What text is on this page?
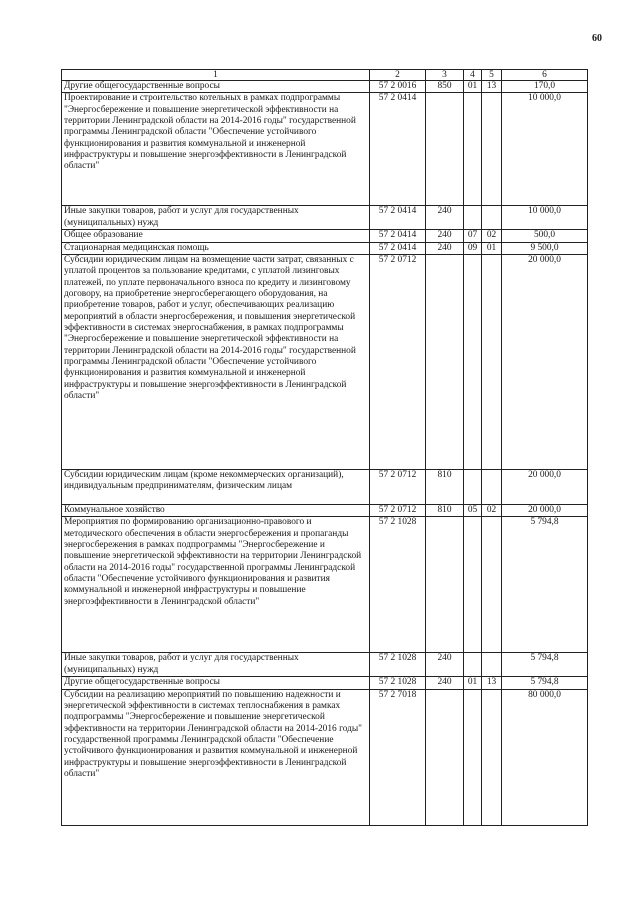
60
1	2	3	4	5	6
Другие общегосударственные вопросы	57 2 0016	850	01	13	170,0
Проектирование и строительство котельных в рамках подпрограммы "Энергосбережение и повышение энергетической эффективности на территории Ленинградской области на 2014-2016 годы" государственной программы Ленинградской области "Обеспечение устойчивого функционирования и развития коммунальной и инженерной инфраструктуры и повышение энергоэффективности в Ленинградской области"	57 2 0414				10 000,0
Иные закупки товаров, работ и услуг для государственных (муниципальных) нужд	57 2 0414	240			10 000,0
Общее образование	57 2 0414	240	07	02	500,0
Стационарная медицинская помощь	57 2 0414	240	09	01	9 500,0
Субсидии юридическим лицам на возмещение части затрат, связанных с уплатой процентов за пользование кредитами, с уплатой лизинговых платежей, по уплате первоначального взноса по кредиту и лизинговому договору, на приобретение энергосберегающего оборудования, на приобретение товаров, работ и услуг, обеспечивающих реализацию мероприятий в области энергосбережения, и повышения энергетической эффективности в системах энергоснабжения, в рамках подпрограммы "Энергосбережение и повышение энергетической эффективности на территории Ленинградской области на 2014-2016 годы" государственной программы Ленинградской области "Обеспечение устойчивого функционирования и развития коммунальной и инженерной инфраструктуры и повышение энергоэффективности в Ленинградской области"	57 2 0712				20 000,0
Субсидии юридическим лицам (кроме некоммерческих организаций), индивидуальным предпринимателям, физическим лицам	57 2 0712	810			20 000,0
Коммунальное хозяйство	57 2 0712	810	05	02	20 000,0
Мероприятия по формированию организационно-правового и методического обеспечения в области энергосбережения и пропаганды энергосбережения в рамках подпрограммы "Энергосбережение и повышение энергетической эффективности на территории Ленинградской области на 2014-2016 годы" государственной программы Ленинградской области "Обеспечение устойчивого функционирования и развития коммунальной и инженерной инфраструктуры и повышение энергоэффективности в Ленинградской области"	57 2 1028				5 794,8
Иные закупки товаров, работ и услуг для государственных (муниципальных) нужд	57 2 1028	240			5 794,8
Другие общегосударственные вопросы	57 2 1028	240	01	13	5 794,8
Субсидии на реализацию мероприятий по повышению надежности и энергетической эффективности в системах теплоснабжения в рамках подпрограммы "Энергосбережение и повышение энергетической эффективности на территории Ленинградской области на 2014-2016 годы" государственной программы Ленинградской области "Обеспечение устойчивого функционирования и развития коммунальной и инженерной инфраструктуры и повышение энергоэффективности в Ленинградской области"	57 2 7018				80 000,0
